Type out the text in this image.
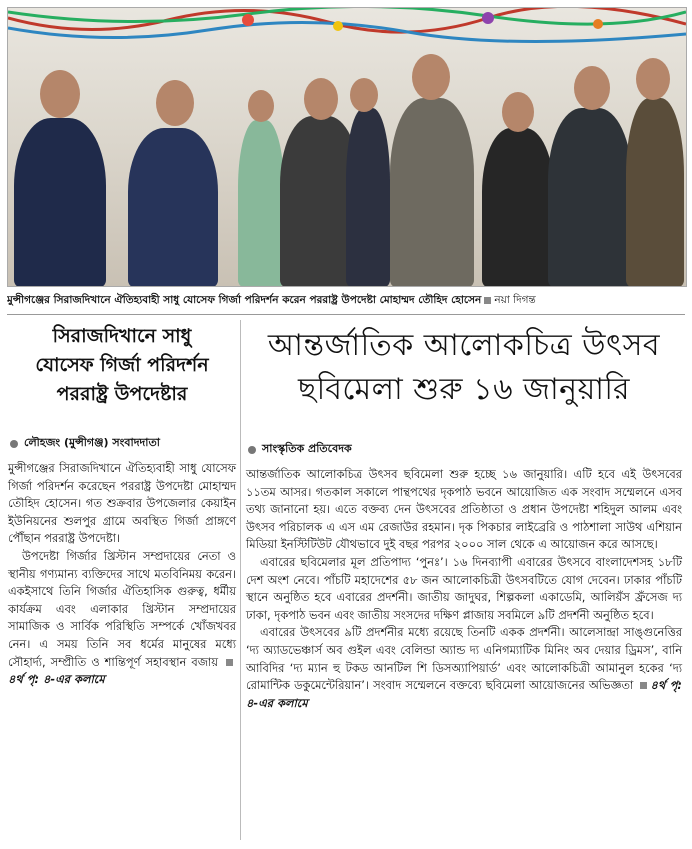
মুন্সীগঞ্জের সিরাজদিখানে ঐতিহ্যবাহী সাধু যোসেফ গির্জা পরিদর্শন করেন পররাষ্ট্র উপদেষ্টা মোহাম্মদ তৌহিদ হোসেন নয়া দিগন্ত
সিরাজদিখানে সাধু
যোসেফ গির্জা পরিদর্শন
পররাষ্ট্র উপদেষ্টার
লৌহজং (মুন্সীগঞ্জ) সংবাদদাতা

মুন্সীগঞ্জের সিরাজদিখানে ঐতিহ্যবাহী সাধু যোসেফ গির্জা পরিদর্শন করেছেন পররাষ্ট্র উপদেষ্টা মোহাম্মদ তৌহিদ হোসেন। গত শুক্রবার উপজেলার কেয়াইন ইউনিয়নের শুলপুর গ্রামে অবস্থিত গির্জা প্রাঙ্গণে পৌঁছান পররাষ্ট্র উপদেষ্টা।

উপদেষ্টা গির্জার খ্রিস্টান সম্প্রদায়ের নেতা ও স্থানীয় গণ্যমান্য ব্যক্তিদের সাথে মতবিনিময় করেন। একইসাথে তিনি গির্জার ঐতিহাসিক গুরুত্ব, ধর্মীয় কার্যক্রম এবং এলাকার খ্রিস্টান সম্প্রদায়ের সামাজিক ও সার্বিক পরিস্থিতি সম্পর্কে খোঁজখবর নেন। এ সময় তিনি সব ধর্মের মানুষের মধ্যে সৌহার্দ্য, সম্প্রীতি ও শান্তিপূর্ণ সহাবস্থান বজায় ৪র্থ পৃ: ৪-এর কলামে

আন্তর্জাতিক আলোকচিত্র উৎসব
ছবিমেলা শুরু ১৬ জানুয়ারি
সাংস্কৃতিক প্রতিবেদক

আন্তর্জাতিক আলোকচিত্র উৎসব ছবিমেলা শুরু হচ্ছে ১৬ জানুয়ারি। এটি হবে এই উৎসবের ১১তম আসর। গতকাল সকালে পান্থপথের দৃকপাঠ ভবনে আয়োজিত এক সংবাদ সম্মেলনে এসব তথ্য জানানো হয়। এতে বক্তব্য দেন উৎসবের প্রতিষ্ঠাতা ও প্রধান উপদেষ্টা শহিদুল আলম এবং উৎসব পরিচালক এ এস এম রেজাউর রহমান। দৃক পিকচার লাইব্রেরি ও পাঠশালা সাউথ এশিয়ান মিডিয়া ইনস্টিটিউট যৌথভাবে দুই বছর পরপর ২০০০ সাল থেকে এ আয়োজন করে আসছে।

এবারের ছবিমেলার মূল প্রতিপাদ্য ‘পুনঃ’। ১৬ দিনব্যাপী এবারের উৎসবে বাংলাদেশসহ ১৮টি দেশ অংশ নেবে। পাঁচটি মহাদেশের ৫৮ জন আলোকচিত্রী উৎসবটিতে যোগ দেবেন। ঢাকার পাঁচটি স্থানে অনুষ্ঠিত হবে এবারের প্রদর্শনী। জাতীয় জাদুঘর, শিল্পকলা একাডেমি, আলিয়ঁস ফ্রঁসেজ দ্য ঢাকা, দৃকপাঠ ভবন এবং জাতীয় সংসদের দক্ষিণ প্লাজায় সবমিলে ৯টি প্রদর্শনী অনুষ্ঠিত হবে।

এবারের উৎসবের ৯টি প্রদর্শনীর মধ্যে রয়েছে তিনটি একক প্রদর্শনী। আলেসান্দ্রা সাঙ্গুনেত্তির ‘দ্য অ্যাডভেঞ্চার্স অব গুইল এবং বেলিন্ডা অ্যান্ড দ্য এনিগম্যাটিক মিনিং অব দেয়ার ড্রিমস’, বানি আবিদির ‘দ্য ম্যান হু টকড আনটিল শি ডিসঅ্যাপিয়ার্ড’ এবং আলোকচিত্রী আমানুল হকের ‘দ্য রোমান্টিক ডকুমেন্টেরিয়ান’। সংবাদ সম্মেলনে বক্তব্যে ছবিমেলা আয়োজনের অভিজ্ঞতা ৪র্থ পৃ: ৪-এর কলামে
